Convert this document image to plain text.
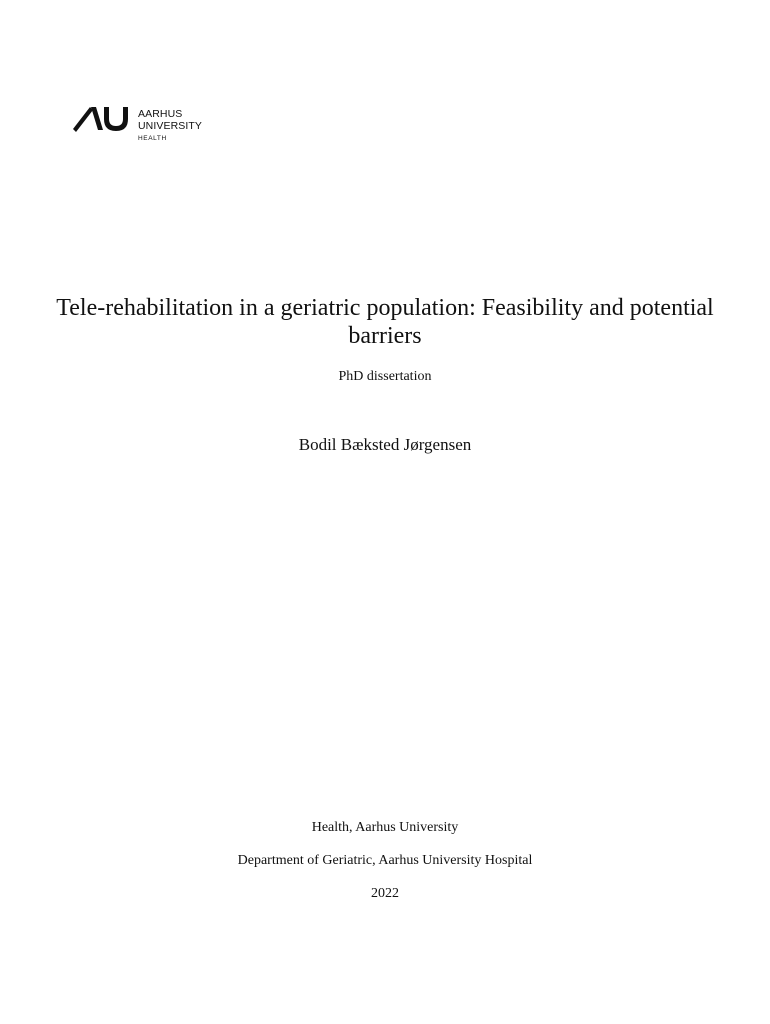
AARHUS
UNIVERSITY
HEALTH
Tele-rehabilitation in a geriatric population: Feasibility and potential barriers
PhD dissertation
Bodil Bæksted Jørgensen
Health, Aarhus University
Department of Geriatric, Aarhus University Hospital
2022
